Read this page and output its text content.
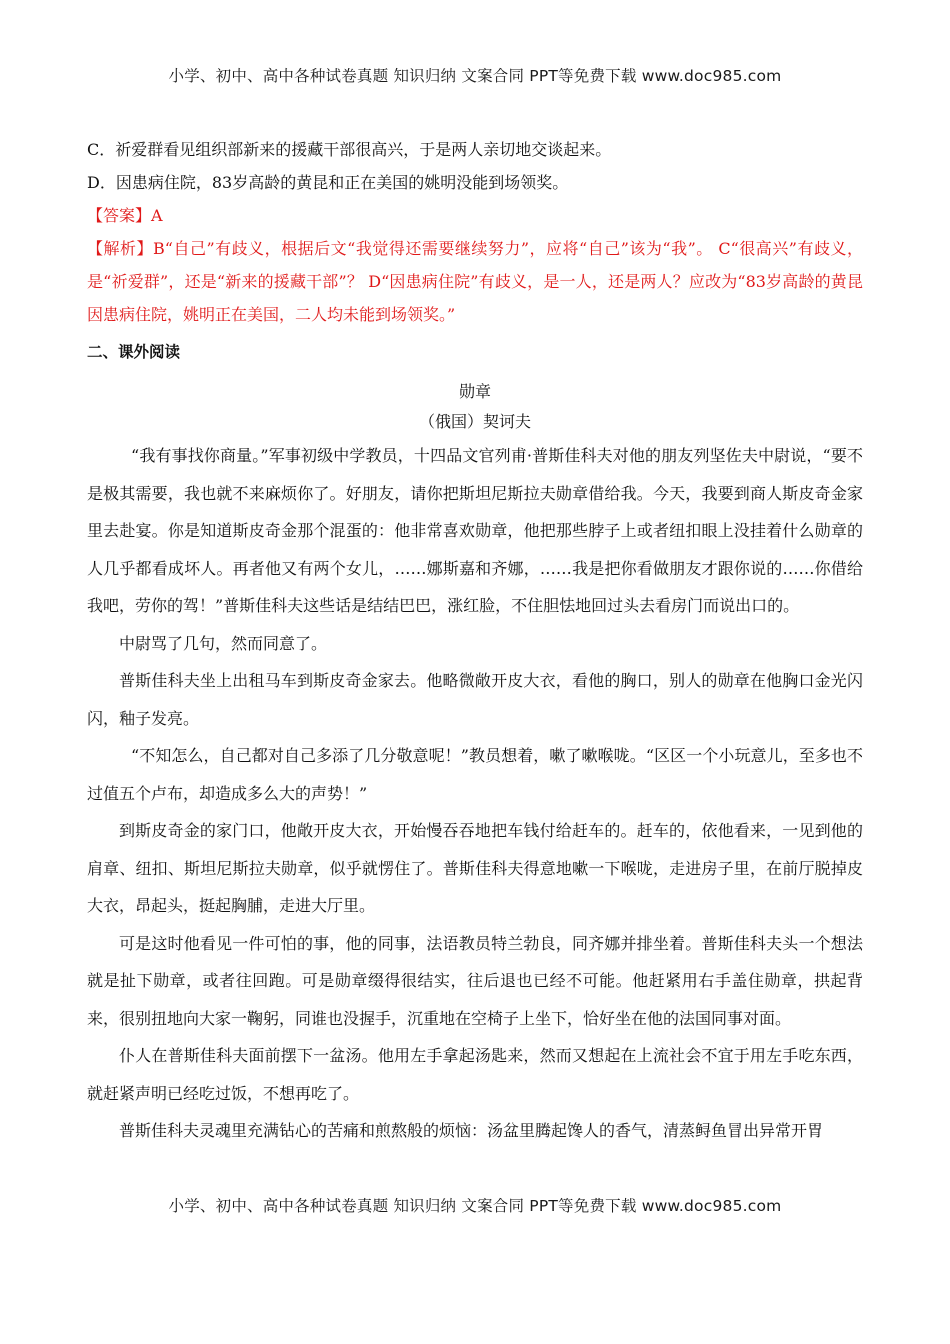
小学、初中、高中各种试卷真题 知识归纳 文案合同 PPT等免费下载 www.doc985.com
C．祈爱群看见组织部新来的援藏干部很高兴，于是两人亲切地交谈起来。
D．因患病住院，83岁高龄的黄昆和正在美国的姚明没能到场领奖。
【答案】A
【解析】B“自己”有歧义，根据后文“我觉得还需要继续努力”，应将“自己”该为“我”。 C“很高兴”有歧义，是“祈爱群”，还是“新来的援藏干部”？ D“因患病住院”有歧义，是一人，还是两人？应改为“83岁高龄的黄昆因患病住院，姚明正在美国，二人均未能到场领奖。”
二、课外阅读
勋章
（俄国）契诃夫

“我有事找你商量。”军事初级中学教员，十四品文官列甫·普斯佳科夫对他的朋友列坚佐夫中尉说，“要不是极其需要，我也就不来麻烦你了。好朋友，请你把斯坦尼斯拉夫勋章借给我。今天，我要到商人斯皮奇金家里去赴宴。你是知道斯皮奇金那个混蛋的：他非常喜欢勋章，他把那些脖子上或者纽扣眼上没挂着什么勋章的人几乎都看成坏人。再者他又有两个女儿，……娜斯嘉和齐娜，……我是把你看做朋友才跟你说的……你借给我吧，劳你的驾！”普斯佳科夫这些话是结结巴巴，涨红脸，不住胆怯地回过头去看房门而说出口的。

中尉骂了几句，然而同意了。

普斯佳科夫坐上出租马车到斯皮奇金家去。他略微敞开皮大衣，看他的胸口，别人的勋章在他胸口金光闪闪，釉子发亮。

“不知怎么，自己都对自己多添了几分敬意呢！”教员想着，嗽了嗽喉咙。“区区一个小玩意儿，至多也不过值五个卢布，却造成多么大的声势！”

到斯皮奇金的家门口，他敞开皮大衣，开始慢吞吞地把车钱付给赶车的。赶车的，依他看来，一见到他的肩章、纽扣、斯坦尼斯拉夫勋章，似乎就愣住了。普斯佳科夫得意地嗽一下喉咙，走进房子里，在前厅脱掉皮大衣，昂起头，挺起胸脯，走进大厅里。

可是这时他看见一件可怕的事，他的同事，法语教员特兰勃良，同齐娜并排坐着。普斯佳科夫头一个想法就是扯下勋章，或者往回跑。可是勋章缀得很结实，往后退也已经不可能。他赶紧用右手盖住勋章，拱起背来，很别扭地向大家一鞠躬，同谁也没握手，沉重地在空椅子上坐下，恰好坐在他的法国同事对面。

仆人在普斯佳科夫面前摆下一盆汤。他用左手拿起汤匙来，然而又想起在上流社会不宜于用左手吃东西，就赶紧声明已经吃过饭，不想再吃了。

普斯佳科夫灵魂里充满钻心的苦痛和煎熬般的烦恼：汤盆里腾起馋人的香气，清蒸鲟鱼冒出异常开胃

小学、初中、高中各种试卷真题 知识归纳 文案合同 PPT等免费下载 www.doc985.com
